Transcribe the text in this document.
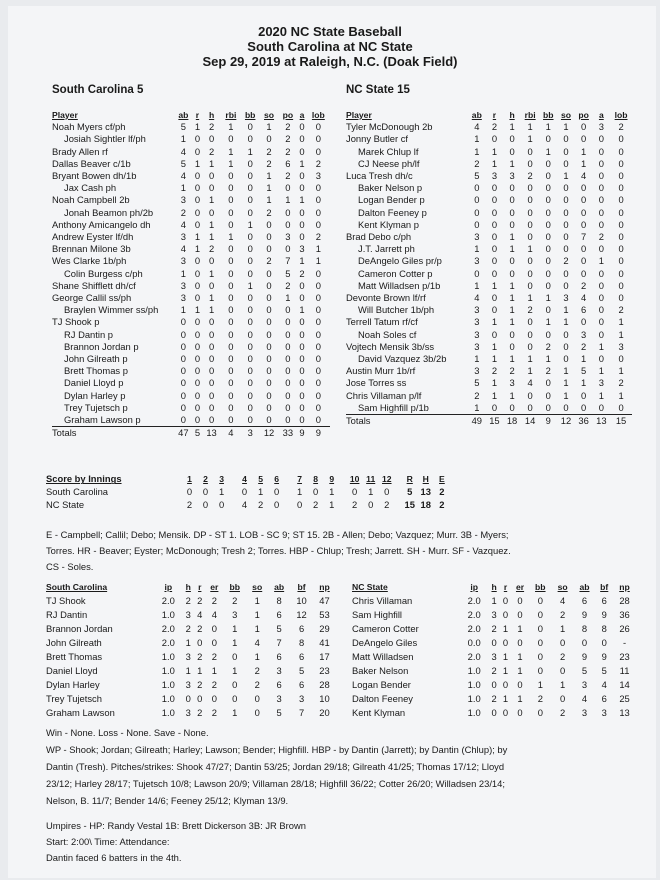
2020 NC State Baseball
South Carolina at NC State
Sep 29, 2019 at Raleigh, N.C. (Doak Field)
South Carolina 5	NC State 15
Player	ab	r	h	rbi	bb	so	po	a	lob
Noah Myers cf/ph	5	1	2	1	0	1	2	0	0
Josiah Sightler lf/ph	1	0	0	0	0	0	2	0	0
Brady Allen rf	4	0	2	1	1	2	2	0	0
Dallas Beaver c/1b	5	1	1	1	0	2	6	1	2
Bryant Bowen dh/1b	4	0	0	0	0	1	2	0	3
Jax Cash ph	1	0	0	0	0	1	0	0	0
Noah Campbell 2b	3	0	1	0	0	1	1	1	0
Jonah Beamon ph/2b	2	0	0	0	0	2	0	0	0
Anthony Amicangelo dh	4	0	1	0	1	0	0	0	0
Andrew Eyster lf/dh	3	1	1	1	0	0	3	0	2
Brennan Milone 3b	4	1	2	0	0	0	0	3	1
Wes Clarke 1b/ph	3	0	0	0	0	2	7	1	1
Colin Burgess c/ph	1	0	1	0	0	0	5	2	0
Shane Shifflett dh/cf	3	0	0	0	1	0	2	0	0
George Callil ss/ph	3	0	1	0	0	0	1	0	0
Braylen Wimmer ss/ph	1	1	1	0	0	0	0	1	0
TJ Shook p	0	0	0	0	0	0	0	0	0
RJ Dantin p	0	0	0	0	0	0	0	0	0
Brannon Jordan p	0	0	0	0	0	0	0	0	0
John Gilreath p	0	0	0	0	0	0	0	0	0
Brett Thomas p	0	0	0	0	0	0	0	0	0
Daniel Lloyd p	0	0	0	0	0	0	0	0	0
Dylan Harley p	0	0	0	0	0	0	0	0	0
Trey Tujetsch p	0	0	0	0	0	0	0	0	0
Graham Lawson p	0	0	0	0	0	0	0	0	0
Totals	47	5	13	4	3	12	33	9	9
Player	ab	r	h	rbi	bb	so	po	a	lob
Tyler McDonough 2b	4	2	1	1	1	1	0	3	2
Jonny Butler cf	1	0	0	1	0	0	0	0	0
Marek Chlup lf	1	1	0	0	1	0	1	0	0
CJ Neese ph/lf	2	1	1	0	0	0	1	0	0
Luca Tresh dh/c	5	3	3	2	0	1	4	0	0
Baker Nelson p	0	0	0	0	0	0	0	0	0
Logan Bender p	0	0	0	0	0	0	0	0	0
Dalton Feeney p	0	0	0	0	0	0	0	0	0
Kent Klyman p	0	0	0	0	0	0	0	0	0
Brad Debo c/ph	3	0	1	0	0	0	7	2	0
J.T. Jarrett ph	1	0	1	1	0	0	0	0	0
DeAngelo Giles pr/p	3	0	0	0	0	2	0	1	0
Cameron Cotter p	0	0	0	0	0	0	0	0	0
Matt Willadsen p/1b	1	1	1	0	0	0	2	0	0
Devonte Brown lf/rf	4	0	1	1	1	3	4	0	0
Will Butcher 1b/ph	3	0	1	2	0	1	6	0	2
Terrell Tatum rf/cf	3	1	1	0	1	1	0	0	1
Noah Soles cf	3	0	0	0	0	0	3	0	1
Vojtech Mensik 3b/ss	3	1	0	0	2	0	2	1	3
David Vazquez 3b/2b	1	1	1	1	1	0	1	0	0
Austin Murr 1b/rf	3	2	2	1	2	1	5	1	1
Jose Torres ss	5	1	3	4	0	1	1	3	2
Chris Villaman p/lf	2	1	1	0	0	1	0	1	1
Sam Highfill p/1b	1	0	0	0	0	0	0	0	0
Totals	49	15	18	14	9	12	36	13	15
Score by Innings	1	2	3		4	5	6		7	8	9		10	11	12		R	H	E
South Carolina	0	0	1		0	1	0		1	0	1		0	1	0		5	13	2
NC State	2	0	0		4	2	0		0	2	1		2	0	2		15	18	2
E - Campbell; Callil; Debo; Mensik. DP - ST 1. LOB - SC 9; ST 15. 2B - Allen; Debo; Vazquez; Murr. 3B - Myers;
Torres. HR - Beaver; Eyster; McDonough; Tresh 2; Torres. HBP - Chlup; Tresh; Jarrett. SH - Murr. SF - Vazquez.
CS - Soles.
South Carolina	ip	h	r	er	bb	so	ab	bf	np
TJ Shook	2.0	2	2	2	2	1	8	10	47
RJ Dantin	1.0	3	4	4	3	1	6	12	53
Brannon Jordan	2.0	2	2	0	1	1	5	6	29
John Gilreath	2.0	1	0	0	1	4	7	8	41
Brett Thomas	1.0	3	2	2	0	1	6	6	17
Daniel Lloyd	1.0	1	1	1	1	2	3	5	23
Dylan Harley	1.0	3	2	2	0	2	6	6	28
Trey Tujetsch	1.0	0	0	0	0	0	3	3	10
Graham Lawson	1.0	3	2	2	1	0	5	7	20
NC State	ip	h	r	er	bb	so	ab	bf	np
Chris Villaman	2.0	1	0	0	0	4	6	6	28
Sam Highfill	2.0	3	0	0	0	2	9	9	36
Cameron Cotter	2.0	2	1	1	0	1	8	8	26
DeAngelo Giles	0.0	0	0	0	0	0	0	0	-
Matt Willadsen	2.0	3	1	1	0	2	9	9	23
Baker Nelson	1.0	2	1	1	0	0	5	5	11
Logan Bender	1.0	0	0	0	1	1	3	4	14
Dalton Feeney	1.0	2	1	1	2	0	4	6	25
Kent Klyman	1.0	0	0	0	0	2	3	3	13
Win - None. Loss - None. Save - None.
WP - Shook; Jordan; Gilreath; Harley; Lawson; Bender; Highfill. HBP - by Dantin (Jarrett); by Dantin (Chlup); by
Dantin (Tresh). Pitches/strikes: Shook 47/27; Dantin 53/25; Jordan 29/18; Gilreath 41/25; Thomas 17/12; Lloyd
23/12; Harley 28/17; Tujetsch 10/8; Lawson 20/9; Villaman 28/18; Highfill 36/22; Cotter 26/20; Willadsen 23/14;
Nelson, B. 11/7; Bender 14/6; Feeney 25/12; Klyman 13/9.
Umpires - HP: Randy Vestal 1B: Brett Dickerson 3B: JR Brown
Start: 2:00\ Time: Attendance:
Dantin faced 6 batters in the 4th.
